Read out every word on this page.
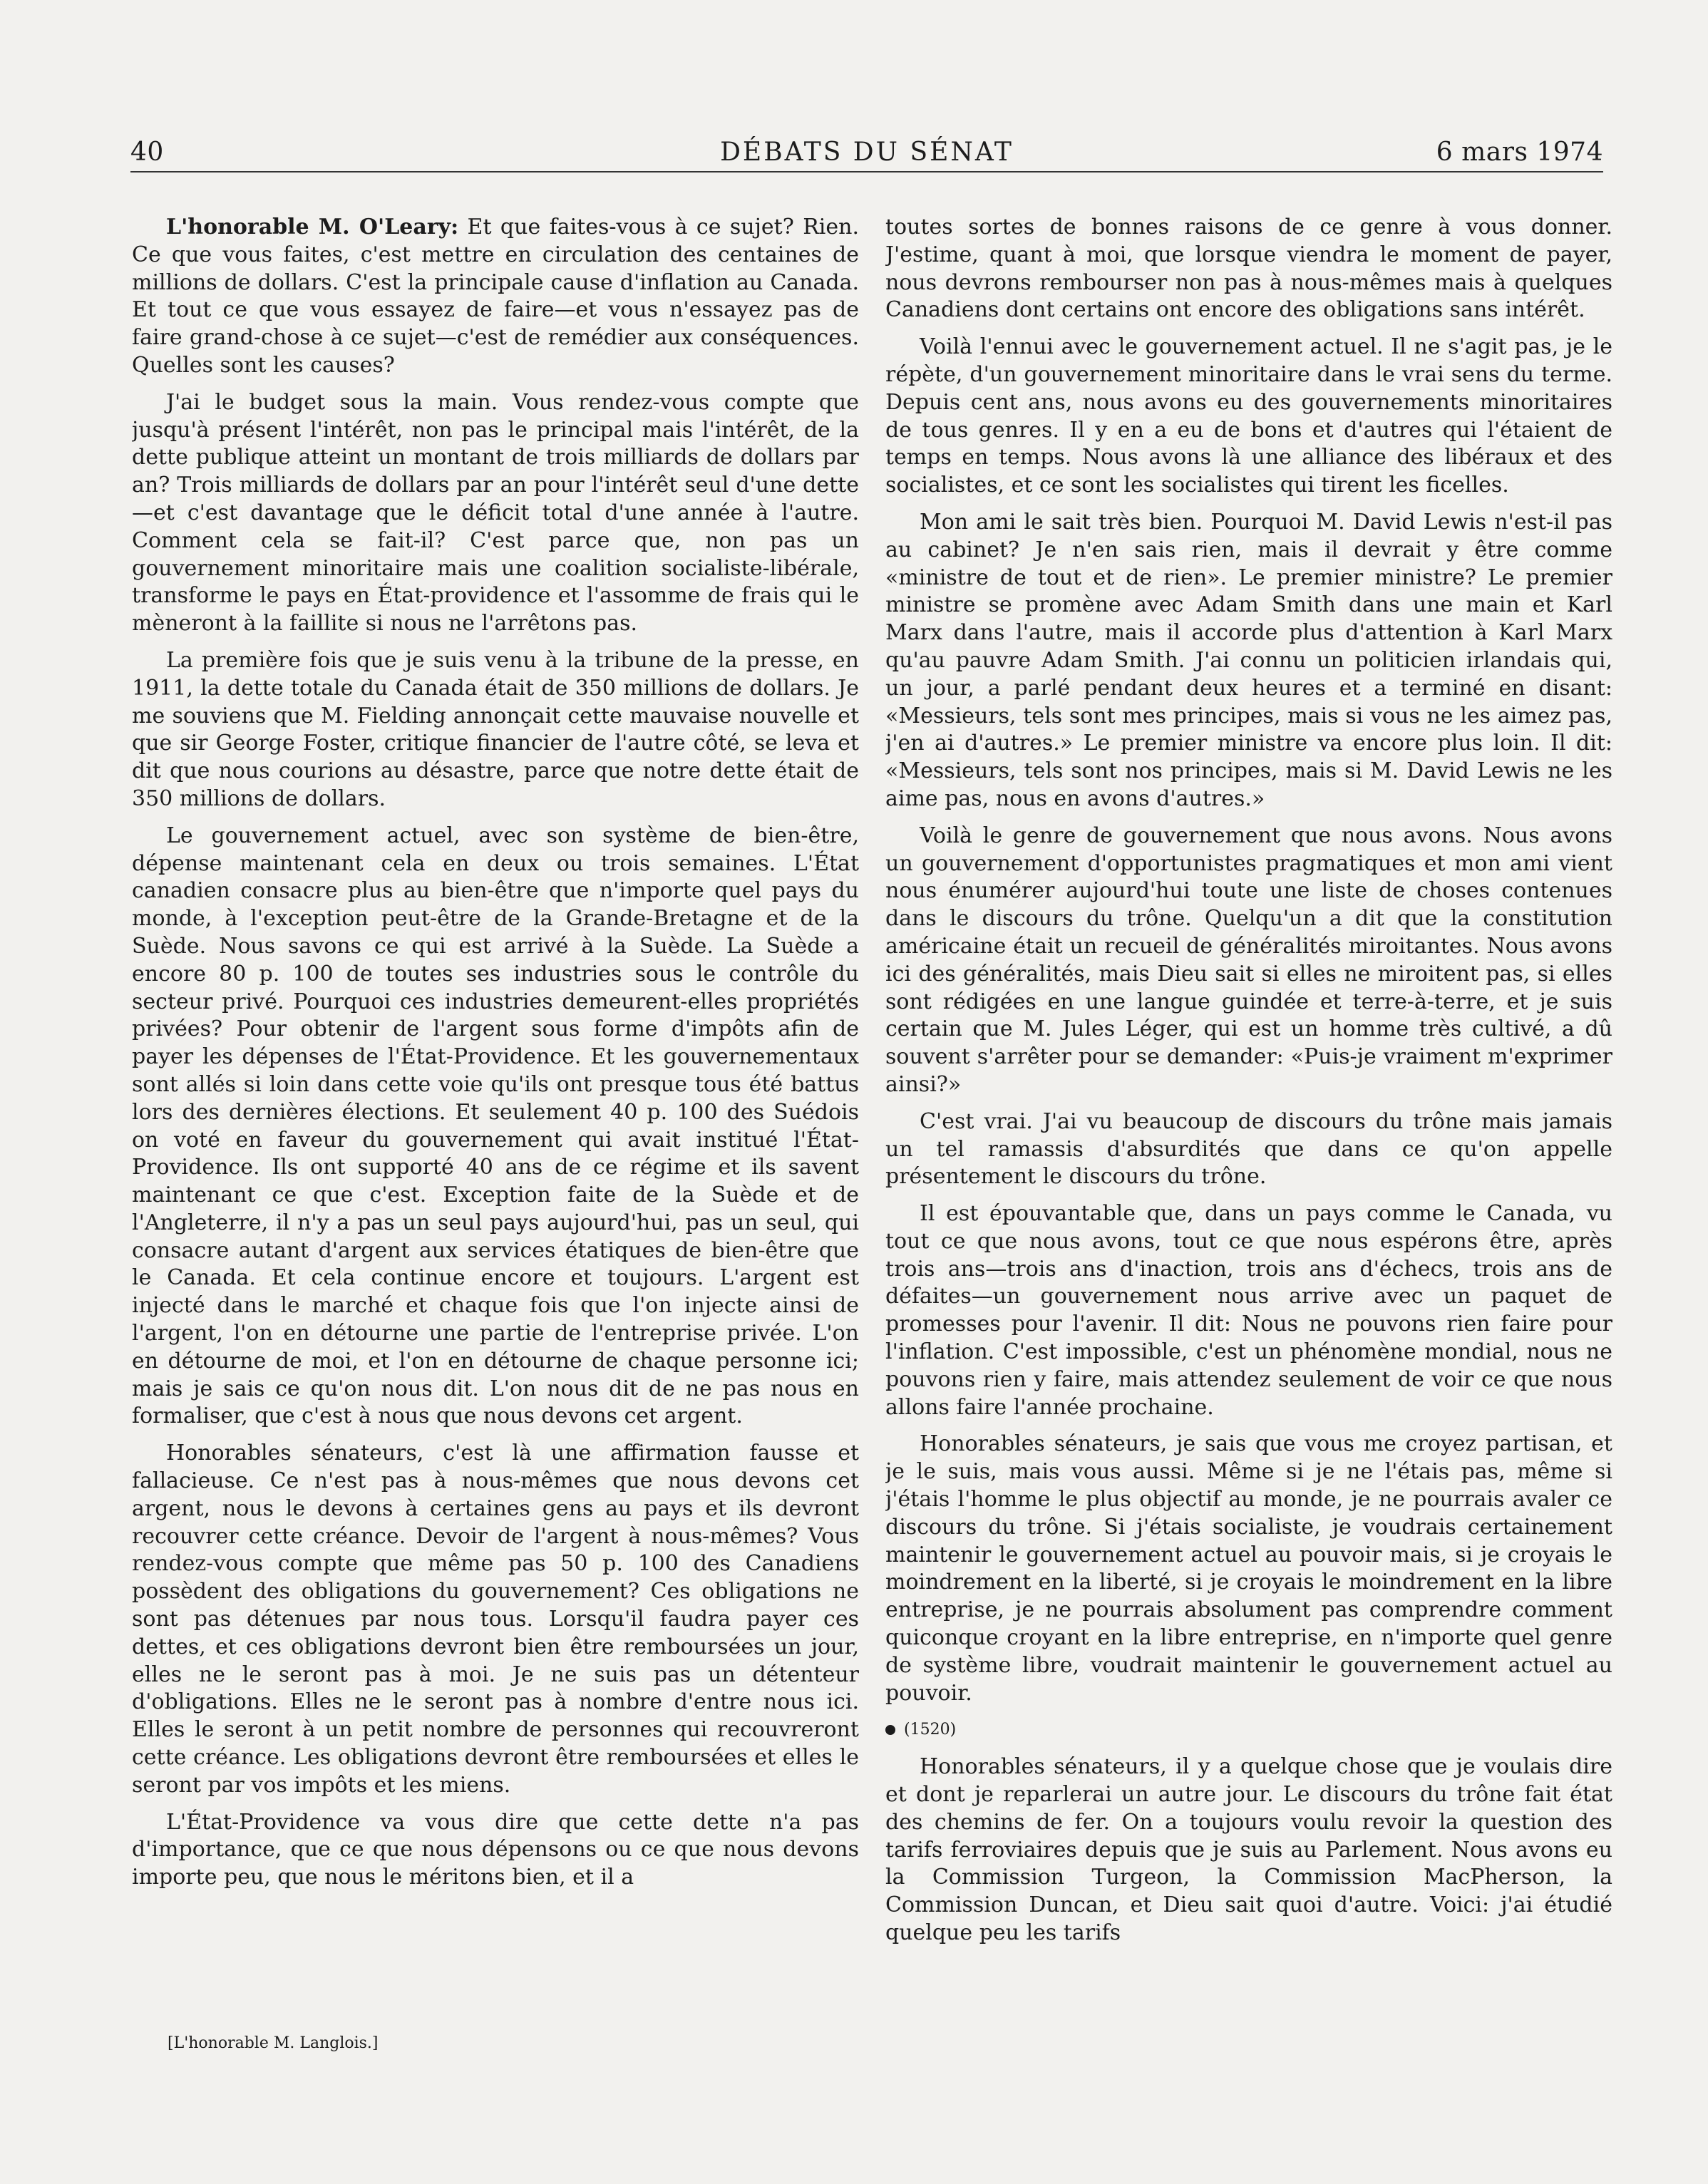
40	DÉBATS DU SÉNAT	6 mars 1974

L'honorable M. O'Leary: Et que faites-vous à ce sujet? Rien. Ce que vous faites, c'est mettre en circulation des centaines de millions de dollars. C'est la principale cause d'inflation au Canada. Et tout ce que vous essayez de faire—et vous n'essayez pas de faire grand-chose à ce sujet—c'est de remédier aux conséquences. Quelles sont les causes?

J'ai le budget sous la main. Vous rendez-vous compte que jusqu'à présent l'intérêt, non pas le principal mais l'intérêt, de la dette publique atteint un montant de trois milliards de dollars par an? Trois milliards de dollars par an pour l'intérêt seul d'une dette—et c'est davantage que le déficit total d'une année à l'autre. Comment cela se fait-il? C'est parce que, non pas un gouvernement minoritaire mais une coalition socialiste-libérale, transforme le pays en État-providence et l'assomme de frais qui le mèneront à la faillite si nous ne l'arrêtons pas.

La première fois que je suis venu à la tribune de la presse, en 1911, la dette totale du Canada était de 350 millions de dollars. Je me souviens que M. Fielding annonçait cette mauvaise nouvelle et que sir George Foster, critique financier de l'autre côté, se leva et dit que nous courions au désastre, parce que notre dette était de 350 millions de dollars.

Le gouvernement actuel, avec son système de bien-être, dépense maintenant cela en deux ou trois semaines. L'État canadien consacre plus au bien-être que n'importe quel pays du monde, à l'exception peut-être de la Grande-Bretagne et de la Suède. Nous savons ce qui est arrivé à la Suède. La Suède a encore 80 p. 100 de toutes ses industries sous le contrôle du secteur privé. Pourquoi ces industries demeurent-elles propriétés privées? Pour obtenir de l'argent sous forme d'impôts afin de payer les dépenses de l'État-Providence. Et les gouvernementaux sont allés si loin dans cette voie qu'ils ont presque tous été battus lors des dernières élections. Et seulement 40 p. 100 des Suédois on voté en faveur du gouvernement qui avait institué l'État-Providence. Ils ont supporté 40 ans de ce régime et ils savent maintenant ce que c'est. Exception faite de la Suède et de l'Angleterre, il n'y a pas un seul pays aujourd'hui, pas un seul, qui consacre autant d'argent aux services étatiques de bien-être que le Canada. Et cela continue encore et toujours. L'argent est injecté dans le marché et chaque fois que l'on injecte ainsi de l'argent, l'on en détourne une partie de l'entreprise privée. L'on en détourne de moi, et l'on en détourne de chaque personne ici; mais je sais ce qu'on nous dit. L'on nous dit de ne pas nous en formaliser, que c'est à nous que nous devons cet argent.

Honorables sénateurs, c'est là une affirmation fausse et fallacieuse. Ce n'est pas à nous-mêmes que nous devons cet argent, nous le devons à certaines gens au pays et ils devront recouvrer cette créance. Devoir de l'argent à nous-mêmes? Vous rendez-vous compte que même pas 50 p. 100 des Canadiens possèdent des obligations du gouvernement? Ces obligations ne sont pas détenues par nous tous. Lorsqu'il faudra payer ces dettes, et ces obligations devront bien être remboursées un jour, elles ne le seront pas à moi. Je ne suis pas un détenteur d'obligations. Elles ne le seront pas à nombre d'entre nous ici. Elles le seront à un petit nombre de personnes qui recouvreront cette créance. Les obligations devront être remboursées et elles le seront par vos impôts et les miens.

L'État-Providence va vous dire que cette dette n'a pas d'importance, que ce que nous dépensons ou ce que nous devons importe peu, que nous le méritons bien, et il a

[L'honorable M. Langlois.]

toutes sortes de bonnes raisons de ce genre à vous donner. J'estime, quant à moi, que lorsque viendra le moment de payer, nous devrons rembourser non pas à nous-mêmes mais à quelques Canadiens dont certains ont encore des obligations sans intérêt.

Voilà l'ennui avec le gouvernement actuel. Il ne s'agit pas, je le répète, d'un gouvernement minoritaire dans le vrai sens du terme. Depuis cent ans, nous avons eu des gouvernements minoritaires de tous genres. Il y en a eu de bons et d'autres qui l'étaient de temps en temps. Nous avons là une alliance des libéraux et des socialistes, et ce sont les socialistes qui tirent les ficelles.

Mon ami le sait très bien. Pourquoi M. David Lewis n'est-il pas au cabinet? Je n'en sais rien, mais il devrait y être comme «ministre de tout et de rien». Le premier ministre? Le premier ministre se promène avec Adam Smith dans une main et Karl Marx dans l'autre, mais il accorde plus d'attention à Karl Marx qu'au pauvre Adam Smith. J'ai connu un politicien irlandais qui, un jour, a parlé pendant deux heures et a terminé en disant: «Messieurs, tels sont mes principes, mais si vous ne les aimez pas, j'en ai d'autres.» Le premier ministre va encore plus loin. Il dit: «Messieurs, tels sont nos principes, mais si M. David Lewis ne les aime pas, nous en avons d'autres.»

Voilà le genre de gouvernement que nous avons. Nous avons un gouvernement d'opportunistes pragmatiques et mon ami vient nous énumérer aujourd'hui toute une liste de choses contenues dans le discours du trône. Quelqu'un a dit que la constitution américaine était un recueil de généralités miroitantes. Nous avons ici des généralités, mais Dieu sait si elles ne miroitent pas, si elles sont rédigées en une langue guindée et terre-à-terre, et je suis certain que M. Jules Léger, qui est un homme très cultivé, a dû souvent s'arrêter pour se demander: «Puis-je vraiment m'exprimer ainsi?»

C'est vrai. J'ai vu beaucoup de discours du trône mais jamais un tel ramassis d'absurdités que dans ce qu'on appelle présentement le discours du trône.

Il est épouvantable que, dans un pays comme le Canada, vu tout ce que nous avons, tout ce que nous espérons être, après trois ans—trois ans d'inaction, trois ans d'échecs, trois ans de défaites—un gouvernement nous arrive avec un paquet de promesses pour l'avenir. Il dit: Nous ne pouvons rien faire pour l'inflation. C'est impossible, c'est un phénomène mondial, nous ne pouvons rien y faire, mais attendez seulement de voir ce que nous allons faire l'année prochaine.

Honorables sénateurs, je sais que vous me croyez partisan, et je le suis, mais vous aussi. Même si je ne l'étais pas, même si j'étais l'homme le plus objectif au monde, je ne pourrais avaler ce discours du trône. Si j'étais socialiste, je voudrais certainement maintenir le gouvernement actuel au pouvoir mais, si je croyais le moindrement en la liberté, si je croyais le moindrement en la libre entreprise, je ne pourrais absolument pas comprendre comment quiconque croyant en la libre entreprise, en n'importe quel genre de système libre, voudrait maintenir le gouvernement actuel au pouvoir.

(1520)

Honorables sénateurs, il y a quelque chose que je voulais dire et dont je reparlerai un autre jour. Le discours du trône fait état des chemins de fer. On a toujours voulu revoir la question des tarifs ferroviaires depuis que je suis au Parlement. Nous avons eu la Commission Turgeon, la Commission MacPherson, la Commission Duncan, et Dieu sait quoi d'autre. Voici: j'ai étudié quelque peu les tarifs
